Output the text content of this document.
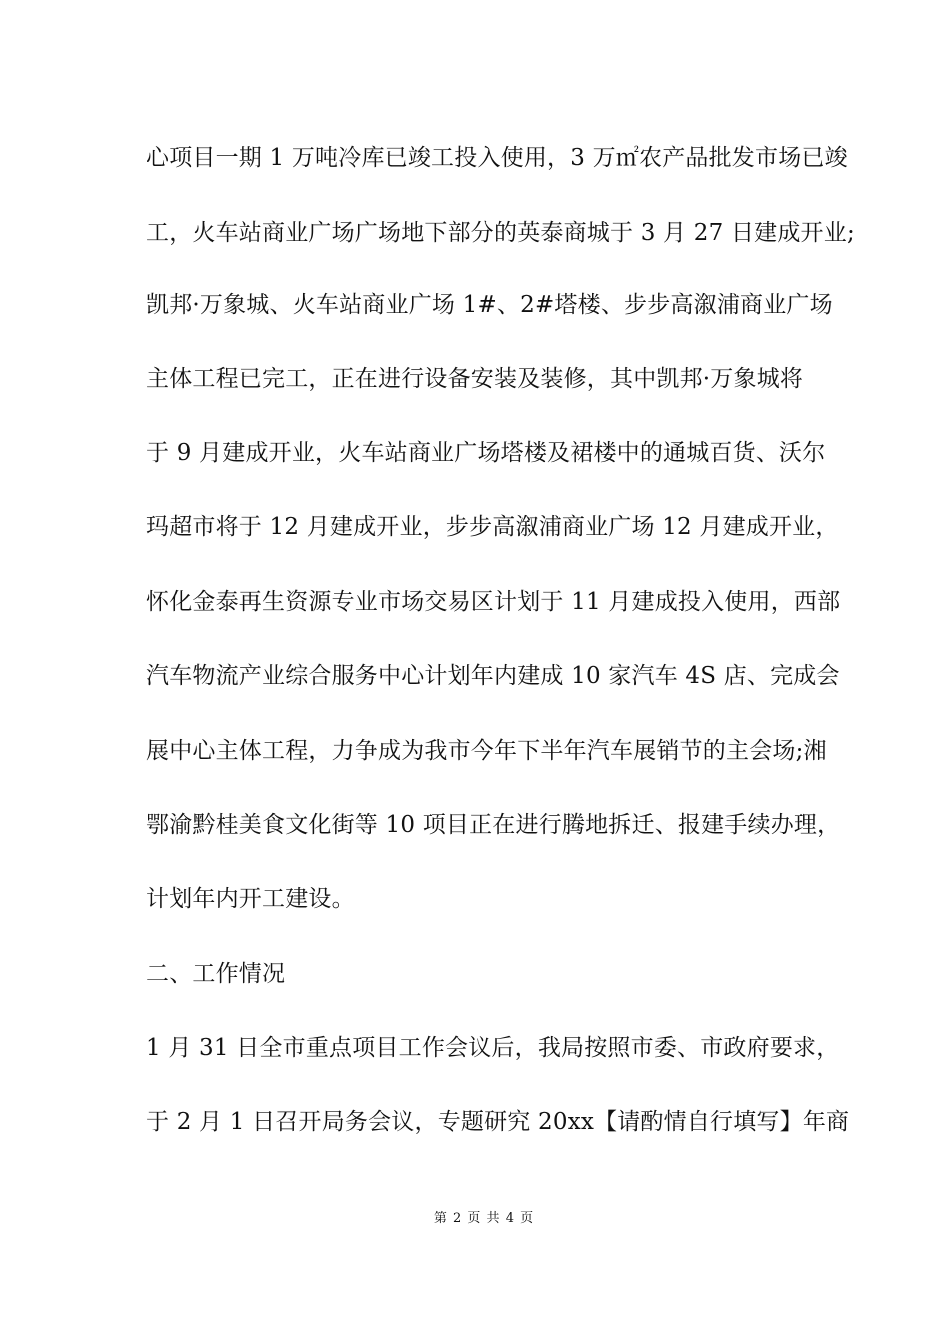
心项目一期 1 万吨冷库已竣工投入使用，3 万㎡农产品批发市场已竣
工，火车站商业广场广场地下部分的英泰商城于 3 月 27 日建成开业;
凯邦·万象城、火车站商业广场 1#、2#塔楼、步步高溆浦商业广场
主体工程已完工，正在进行设备安装及装修，其中凯邦·万象城将
于 9 月建成开业，火车站商业广场塔楼及裙楼中的通城百货、沃尔
玛超市将于 12 月建成开业，步步高溆浦商业广场 12 月建成开业，
怀化金泰再生资源专业市场交易区计划于 11 月建成投入使用，西部
汽车物流产业综合服务中心计划年内建成 10 家汽车 4S 店、完成会
展中心主体工程，力争成为我市今年下半年汽车展销节的主会场;湘
鄂渝黔桂美食文化街等 10 项目正在进行腾地拆迁、报建手续办理，
计划年内开工建设。
二、工作情况
1 月 31 日全市重点项目工作会议后，我局按照市委、市政府要求，
于 2 月 1 日召开局务会议，专题研究 20xx【请酌情自行填写】年商
第 2 页 共 4 页
